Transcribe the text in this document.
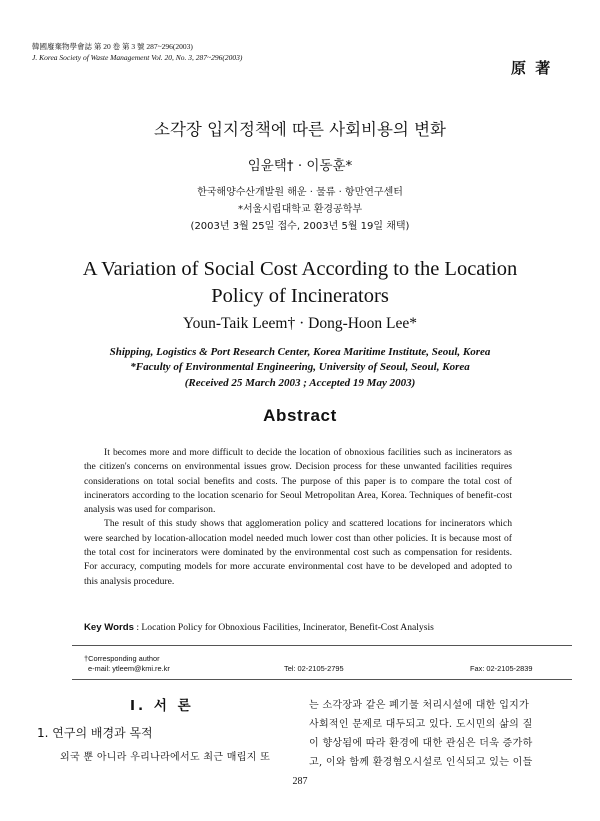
韓國廢棄物學會誌 第 20 卷 第 3 號 287~296(2003)
J. Korea Society of Waste Management Vol. 20, No. 3, 287~296(2003)
原 著
소각장 입지정책에 따른 사회비용의 변화
임윤택† · 이동훈*
한국해양수산개발원 해운 · 물류 · 항만연구센터
*서울시립대학교 환경공학부
(2003년 3월 25일 접수, 2003년 5월 19일 채택)
A Variation of Social Cost According to the Location
Policy of Incinerators
Youn-Taik Leem† · Dong-Hoon Lee*
Shipping, Logistics & Port Research Center, Korea Maritime Institute, Seoul, Korea
*Faculty of Environmental Engineering, University of Seoul, Seoul, Korea
(Received 25 March 2003 ; Accepted 19 May 2003)
Abstract

It becomes more and more difficult to decide the location of obnoxious facilities such as incinerators as the citizen's concerns on environmental issues grow. Decision process for these unwanted facilities requires considerations on total social benefits and costs. The purpose of this paper is to compare the total cost of incinerators according to the location scenario for Seoul Metropolitan Area, Korea. Techniques of benefit-cost analysis was used for comparison.

The result of this study shows that agglomeration policy and scattered locations for incinerators which were searched by location-allocation model needed much lower cost than other policies. It is because most of the total cost for incinerators were dominated by the environmental cost such as compensation for residents. For accuracy, computing models for more accurate environmental cost have to be developed and adopted to this analysis procedure.

Key Words : Location Policy for Obnoxious Facilities, Incinerator, Benefit-Cost Analysis
†Corresponding author
e-mail: ytleem@kmi.re.kr	Tel: 02-2105-2795	Fax: 02-2105-2839
Ⅰ. 서 론
1. 연구의 배경과 목적
외국 뿐 아니라 우리나라에서도 최근 매립지 또
는 소각장과 같은 폐기물 처리시설에 대한 입지가
사회적인 문제로 대두되고 있다. 도시민의 삶의 질
이 향상됨에 따라 환경에 대한 관심은 더욱 증가하
고, 이와 함께 환경혐오시설로 인식되고 있는 이들
287
